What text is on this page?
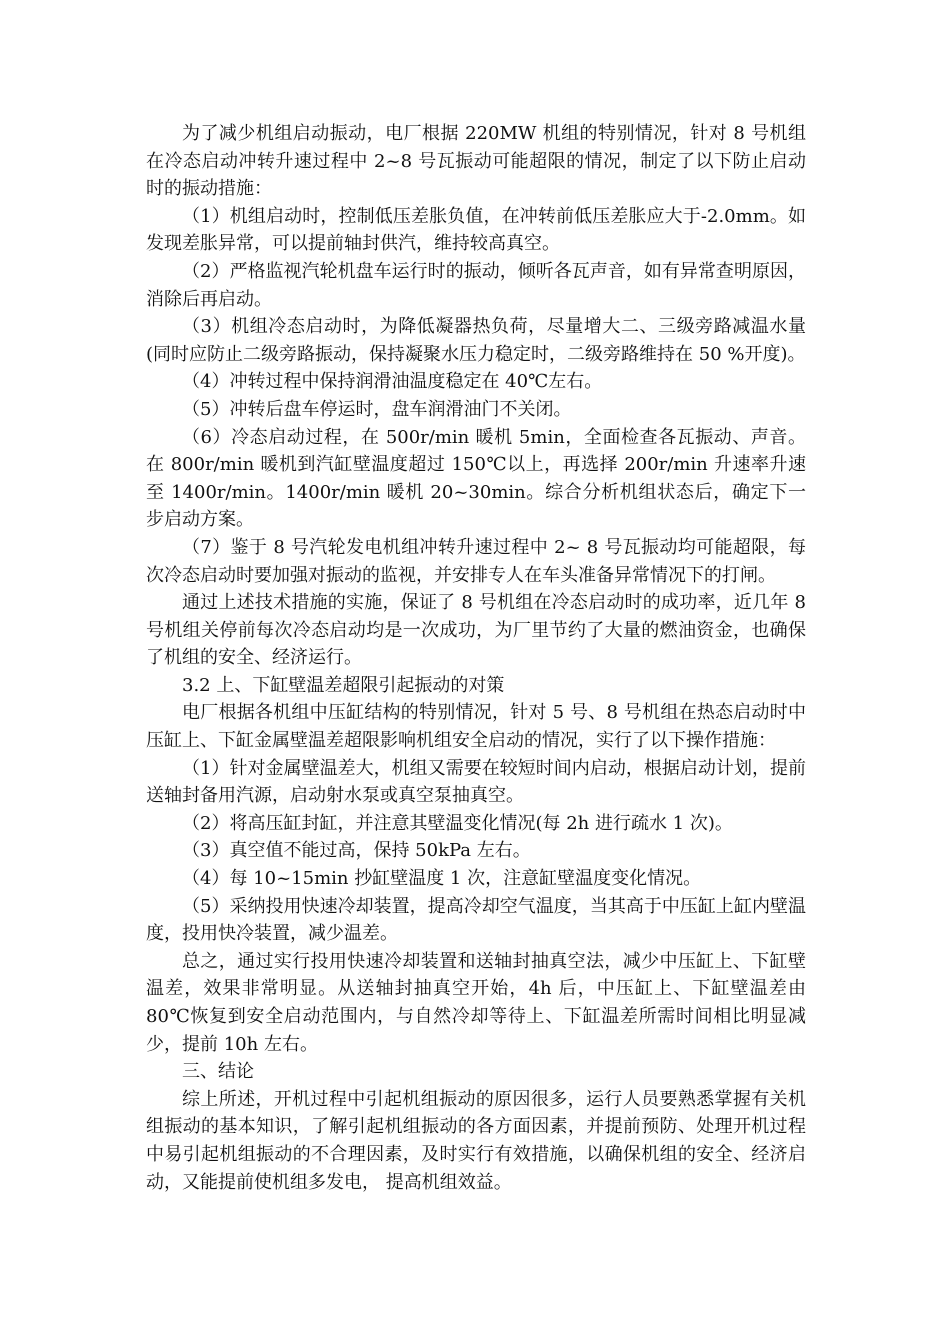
为了减少机组启动振动，电厂根据 220MW 机组的特别情况，针对 8 号机组在冷态启动冲转升速过程中 2~8 号瓦振动可能超限的情况，制定了以下防止启动时的振动措施：

（1）机组启动时，控制低压差胀负值，在冲转前低压差胀应大于-2.0mm。如发现差胀异常，可以提前轴封供汽，维持较高真空。

（2）严格监视汽轮机盘车运行时的振动，倾听各瓦声音，如有异常查明原因，消除后再启动。

（3）机组冷态启动时，为降低凝器热负荷，尽量增大二、三级旁路减温水量(同时应防止二级旁路振动，保持凝聚水压力稳定时，二级旁路维持在 50 %开度)。

（4）冲转过程中保持润滑油温度稳定在 40℃左右。

（5）冲转后盘车停运时，盘车润滑油门不关闭。

（6）冷态启动过程，在 500r/min 暖机 5min，全面检查各瓦振动、声音。在 800r/min 暖机到汽缸壁温度超过 150℃以上，再选择 200r/min 升速率升速至 1400r/min。1400r/min 暖机 20~30min。综合分析机组状态后，确定下一步启动方案。

（7）鉴于 8 号汽轮发电机组冲转升速过程中 2~ 8 号瓦振动均可能超限，每次冷态启动时要加强对振动的监视，并安排专人在车头准备异常情况下的打闸。

通过上述技术措施的实施，保证了 8 号机组在冷态启动时的成功率，近几年 8 号机组关停前每次冷态启动均是一次成功，为厂里节约了大量的燃油资金，也确保了机组的安全、经济运行。

3.2 上、下缸壁温差超限引起振动的对策

电厂根据各机组中压缸结构的特别情况，针对 5 号、8 号机组在热态启动时中压缸上、下缸金属壁温差超限影响机组安全启动的情况，实行了以下操作措施：

（1）针对金属壁温差大，机组又需要在较短时间内启动，根据启动计划，提前送轴封备用汽源，启动射水泵或真空泵抽真空。

（2）将高压缸封缸，并注意其壁温变化情况(每 2h 进行疏水 1 次)。

（3）真空值不能过高，保持 50kPa 左右。

（4）每 10~15min 抄缸壁温度 1 次，注意缸壁温度变化情况。

（5）采纳投用快速冷却装置，提高冷却空气温度，当其高于中压缸上缸内壁温度，投用快冷装置，减少温差。

总之，通过实行投用快速冷却装置和送轴封抽真空法，减少中压缸上、下缸壁温差，效果非常明显。从送轴封抽真空开始，4h 后，中压缸上、下缸壁温差由 80℃恢复到安全启动范围内，与自然冷却等待上、下缸温差所需时间相比明显减少，提前 10h 左右。

三、结论

综上所述，开机过程中引起机组振动的原因很多，运行人员要熟悉掌握有关机组振动的基本知识，了解引起机组振动的各方面因素，并提前预防、处理开机过程中易引起机组振动的不合理因素，及时实行有效措施，以确保机组的安全、经济启动，又能提前使机组多发电， 提高机组效益。
